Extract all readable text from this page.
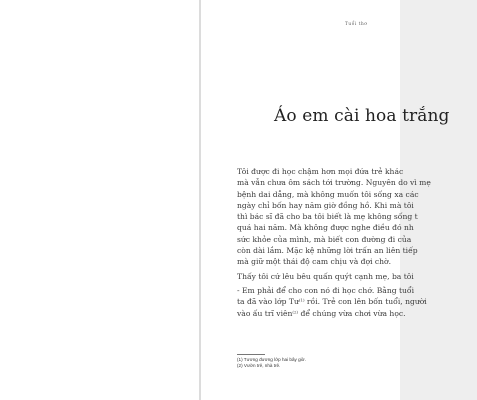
Tuổi thơ
Áo em cài hoa trắng

Tôi được đi học chậm hơn mọi đứa trẻ khác

mà vẫn chưa ôm sách tới trường. Nguyên do vì mẹ

bệnh dai dẳng, mà không muốn tôi sống xa các

ngày chỉ bốn hay năm giờ đồng hồ. Khi mà tôi

thì bác sĩ đã cho ba tôi biết là mẹ không sống t

quá hai năm. Mà không được nghe điều đó nh

sức khỏe của mình, mà biết con đường đi của

còn dài lắm. Mặc kệ những lời trấn an liên tiếp

mà giữ một thái độ cam chịu và đợi chờ.

Thấy tôi cứ lêu bêu quấn quýt cạnh mẹ, ba tôi

- Em phải để cho con nó đi học chớ. Bằng tuổi

ta đã vào lớp $Tư^{(1)}$ rồi. Trẻ con lên bốn tuổi, người

vào ấu trĩ viên$^{(2)}$ để chúng vừa chơi vừa học.

(1) Tương đương lớp hai bây giờ.

(2) Vườn trẻ, nhà trẻ.
